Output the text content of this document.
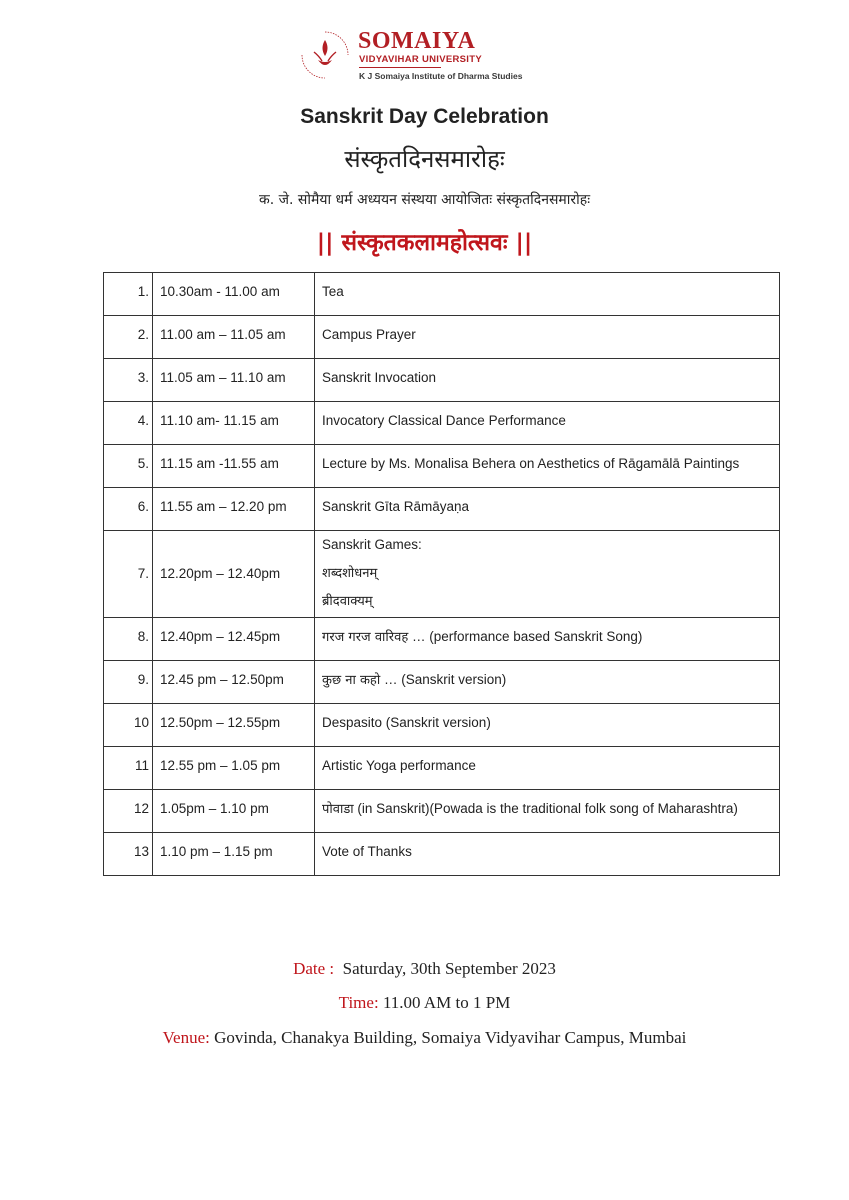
SOMAIYA
VIDYAVIHAR UNIVERSITY
K J Somaiya Institute of Dharma Studies
Sanskrit Day Celebration
संस्कृतदिनसमारोहः
क. जे. सोमैया धर्म अध्ययन संस्थया आयोजितः संस्कृतदिनसमारोहः
|| संस्कृतकलामहोत्सवः ||
1.	10.30am - 11.00 am	Tea
2.	11.00 am – 11.05 am	Campus Prayer
3.	11.05 am – 11.10 am	Sanskrit Invocation
4.	11.10 am- 11.15 am	Invocatory Classical Dance Performance
5.	11.15 am -11.55 am	Lecture by Ms. Monalisa Behera on Aesthetics of Rāgamālā Paintings
6.	11.55 am – 12.20 pm	Sanskrit Gīta Rāmāyaṇa
7.	12.20pm – 12.40pm	Sanskrit Games:
शब्दशोधनम्
ब्रीदवाक्यम्

8.	12.40pm – 12.45pm	गरज गरज वारिवह … (performance based Sanskrit Song)
9.	12.45 pm – 12.50pm	कुछ ना कहो … (Sanskrit version)
10	12.50pm – 12.55pm	Despasito (Sanskrit version)
11	12.55 pm – 1.05 pm	Artistic Yoga performance
12	1.05pm – 1.10 pm	पोवाडा (in Sanskrit)(Powada is the traditional folk song of Maharashtra)
13	1.10 pm – 1.15 pm	Vote of Thanks
Date : Saturday, 30th September 2023
Time: 11.00 AM to 1 PM
Venue: Govinda, Chanakya Building, Somaiya Vidyavihar Campus, Mumbai
